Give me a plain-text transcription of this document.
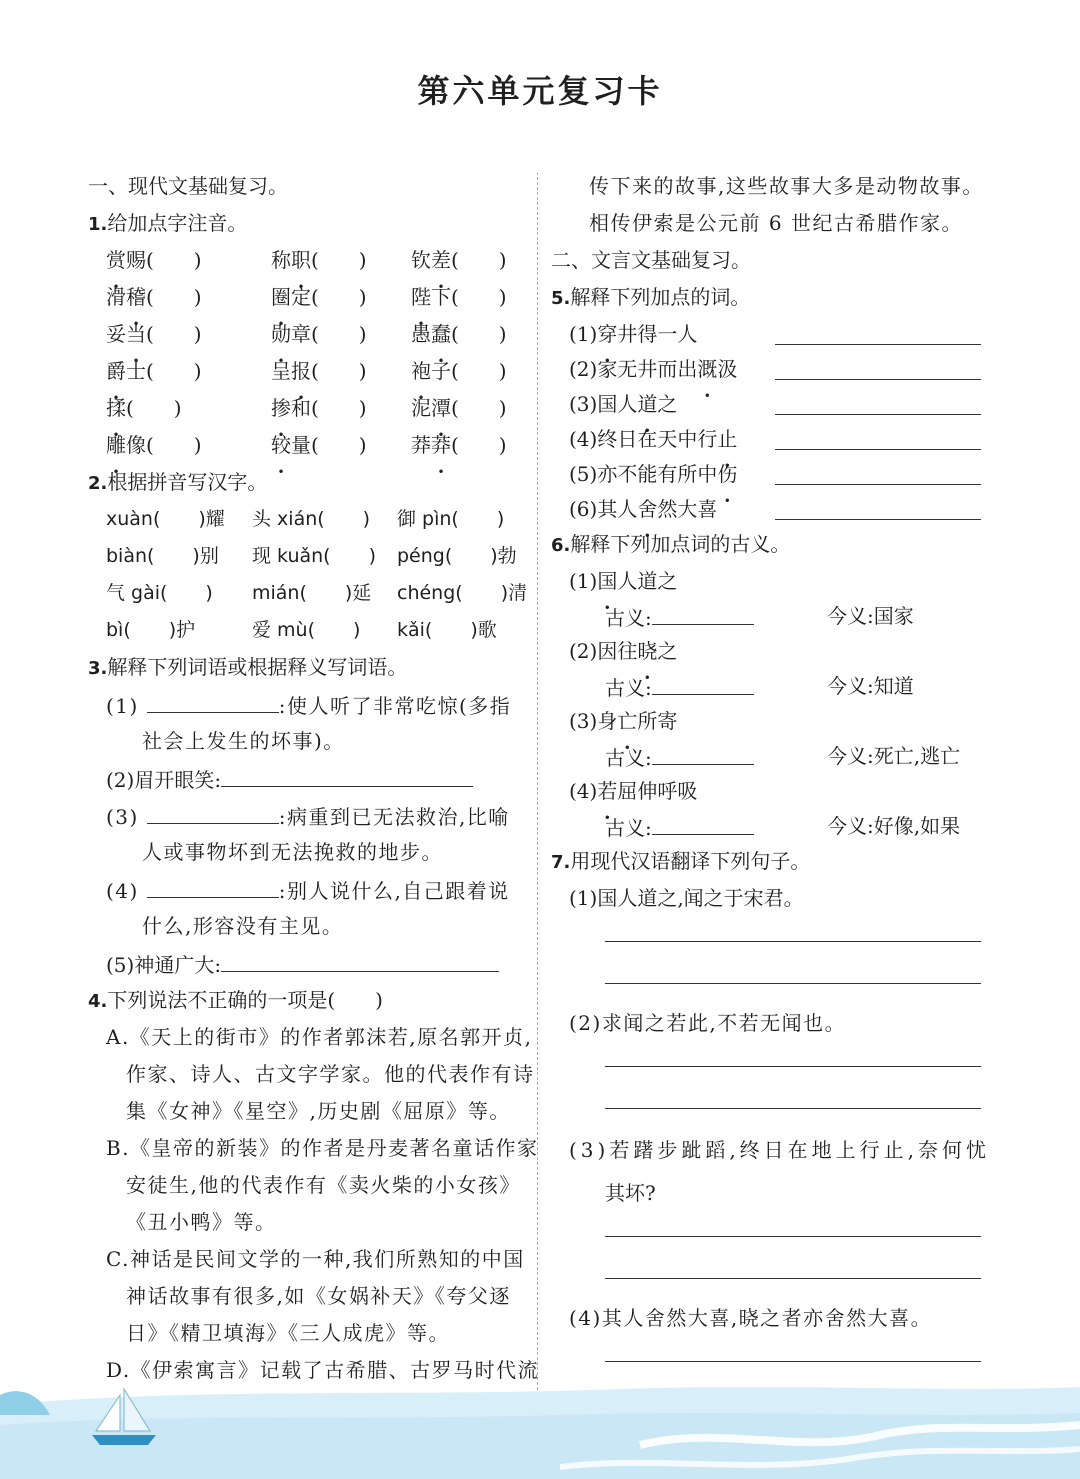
第六单元复习卡
一、现代文基础复习。
1.给加点字注音。
赏赐(　　)	称职(　　)	钦差(　　)
滑稽(　　)	圈定(　　)	陛下(　　)
妥当(　　)	勋章(　　)	愚蠢(　　)
爵士(　　)	呈报(　　)	袍子(　　)
揉(　　)	掺和(　　)	泥潭(　　)
雕像(　　)	较量(　　)	莽莽(　　)
2.根据拼音写汉字。
xuàn(　　)耀	头 xián(　　)	御 pìn(　　)
biàn(　　)别	现 kuǎn(　　)	péng(　　)勃
气 gài(　　)	mián(　　)延	chéng(　　)清
bì(　　)护	爱 mù(　　)	kǎi(　　)歌
3.解释下列词语或根据释义写词语。
(1)	:使人听了非常吃惊(多指
社会上发生的坏事)。
(2)眉开眼笑:
(3)	:病重到已无法救治,比喻
人或事物坏到无法挽救的地步。
(4)	:别人说什么,自己跟着说
什么,形容没有主见。
(5)神通广大:
4.下列说法不正确的一项是(　　)
A.《天上的街市》的作者郭沫若,原名郭开贞,
作家、诗人、古文字学家。他的代表作有诗
集《女神》《星空》,历史剧《屈原》等。
B.《皇帝的新装》的作者是丹麦著名童话作家
安徒生,他的代表作有《卖火柴的小女孩》
《丑小鸭》等。
C.神话是民间文学的一种,我们所熟知的中国
神话故事有很多,如《女娲补天》《夸父逐
日》《精卫填海》《三人成虎》等。
D.《伊索寓言》记载了古希腊、古罗马时代流
传下来的故事,这些故事大多是动物故事。
相传伊索是公元前 6 世纪古希腊作家。
二、文言文基础复习。
5.解释下列加点的词。
(1)穿井得一人
(2)家无井而出溉汲
(3)国人道之
(4)终日在天中行止
(5)亦不能有所中伤
(6)其人舍然大喜
6.解释下列加点词的古义。
(1)国人道之
古义:	今义:国家
(2)因往晓之
古义:	今义:知道
(3)身亡所寄
古义:	今义:死亡,逃亡
(4)若屈伸呼吸
古义:	今义:好像,如果
7.用现代汉语翻译下列句子。
(1)国人道之,闻之于宋君。
(2)求闻之若此,不若无闻也。
(3)若躇步跐蹈,终日在地上行止,奈何忧
其坏?
(4)其人舍然大喜,晓之者亦舍然大喜。
